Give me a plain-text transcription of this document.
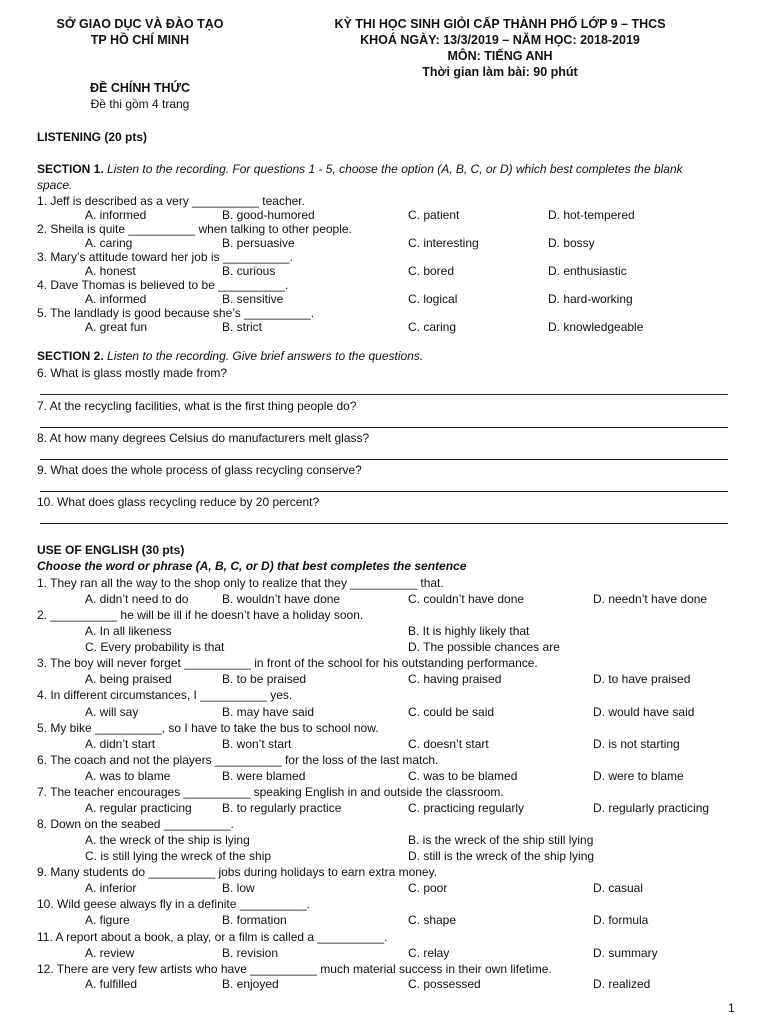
SỞ GIAO DỤC VÀ ĐÀO TẠO
TP HỒ CHÍ MINH
KỲ THI HỌC SINH GIỎI CẤP THÀNH PHỐ LỚP 9 – THCS
KHOÁ NGÀY: 13/3/2019 – NĂM HỌC: 2018-2019
MÔN: TIẾNG ANH
Thời gian làm bài: 90 phút
ĐỀ CHÍNH THỨC
Đề thi gồm 4 trang
LISTENING (20 pts)
SECTION 1. Listen to the recording. For questions 1 - 5, choose the option (A, B, C, or D) which best completes the blank
space.
1. Jeff is described as a very __________ teacher.
A. informed	B. good-humored	C. patient	D. hot-tempered
2. Sheila is quite __________ when talking to other people.
A. caring	B. persuasive	C. interesting	D. bossy
3. Mary’s attitude toward her job is __________.
A. honest	B. curious	C. bored	D. enthusiastic
4. Dave Thomas is believed to be __________.
A. informed	B. sensitive	C. logical	D. hard-working
5. The landlady is good because she’s __________.
A. great fun	B. strict	C. caring	D. knowledgeable
SECTION 2. Listen to the recording. Give brief answers to the questions.
6. What is glass mostly made from?
7. At the recycling facilities, what is the first thing people do?
8. At how many degrees Celsius do manufacturers melt glass?
9. What does the whole process of glass recycling conserve?
10. What does glass recycling reduce by 20 percent?
USE OF ENGLISH (30 pts)
Choose the word or phrase (A, B, C, or D) that best completes the sentence
1. They ran all the way to the shop only to realize that they __________ that.
A. didn’t need to do	B. wouldn’t have done	C. couldn’t have done	D. needn’t have done
2. __________ he will be ill if he doesn’t have a holiday soon.
A. In all likeness	B. It is highly likely that
C. Every probability is that	D. The possible chances are
3. The boy will never forget __________ in front of the school for his outstanding performance.
A. being praised	B. to be praised	C. having praised	D. to have praised
4. In different circumstances, I __________ yes.
A. will say	B. may have said	C. could be said	D. would have said
5. My bike __________, so I have to take the bus to school now.
A. didn’t start	B. won’t start	C. doesn’t start	D. is not starting
6. The coach and not the players __________ for the loss of the last match.
A. was to blame	B. were blamed	C. was to be blamed	D. were to blame
7. The teacher encourages __________ speaking English in and outside the classroom.
A. regular practicing	B. to regularly practice	C. practicing regularly	D. regularly practicing
8. Down on the seabed __________.
A. the wreck of the ship is lying	B. is the wreck of the ship still lying
C. is still lying the wreck of the ship	D. still is the wreck of the ship lying
9. Many students do __________ jobs during holidays to earn extra money.
A. inferior	B. low	C. poor	D. casual
10. Wild geese always fly in a definite __________.
A. figure	B. formation	C. shape	D. formula
11. A report about a book, a play, or a film is called a __________.
A. review	B. revision	C. relay	D. summary
12. There are very few artists who have __________ much material success in their own lifetime.
A. fulfilled	B. enjoyed	C. possessed	D. realized
1
